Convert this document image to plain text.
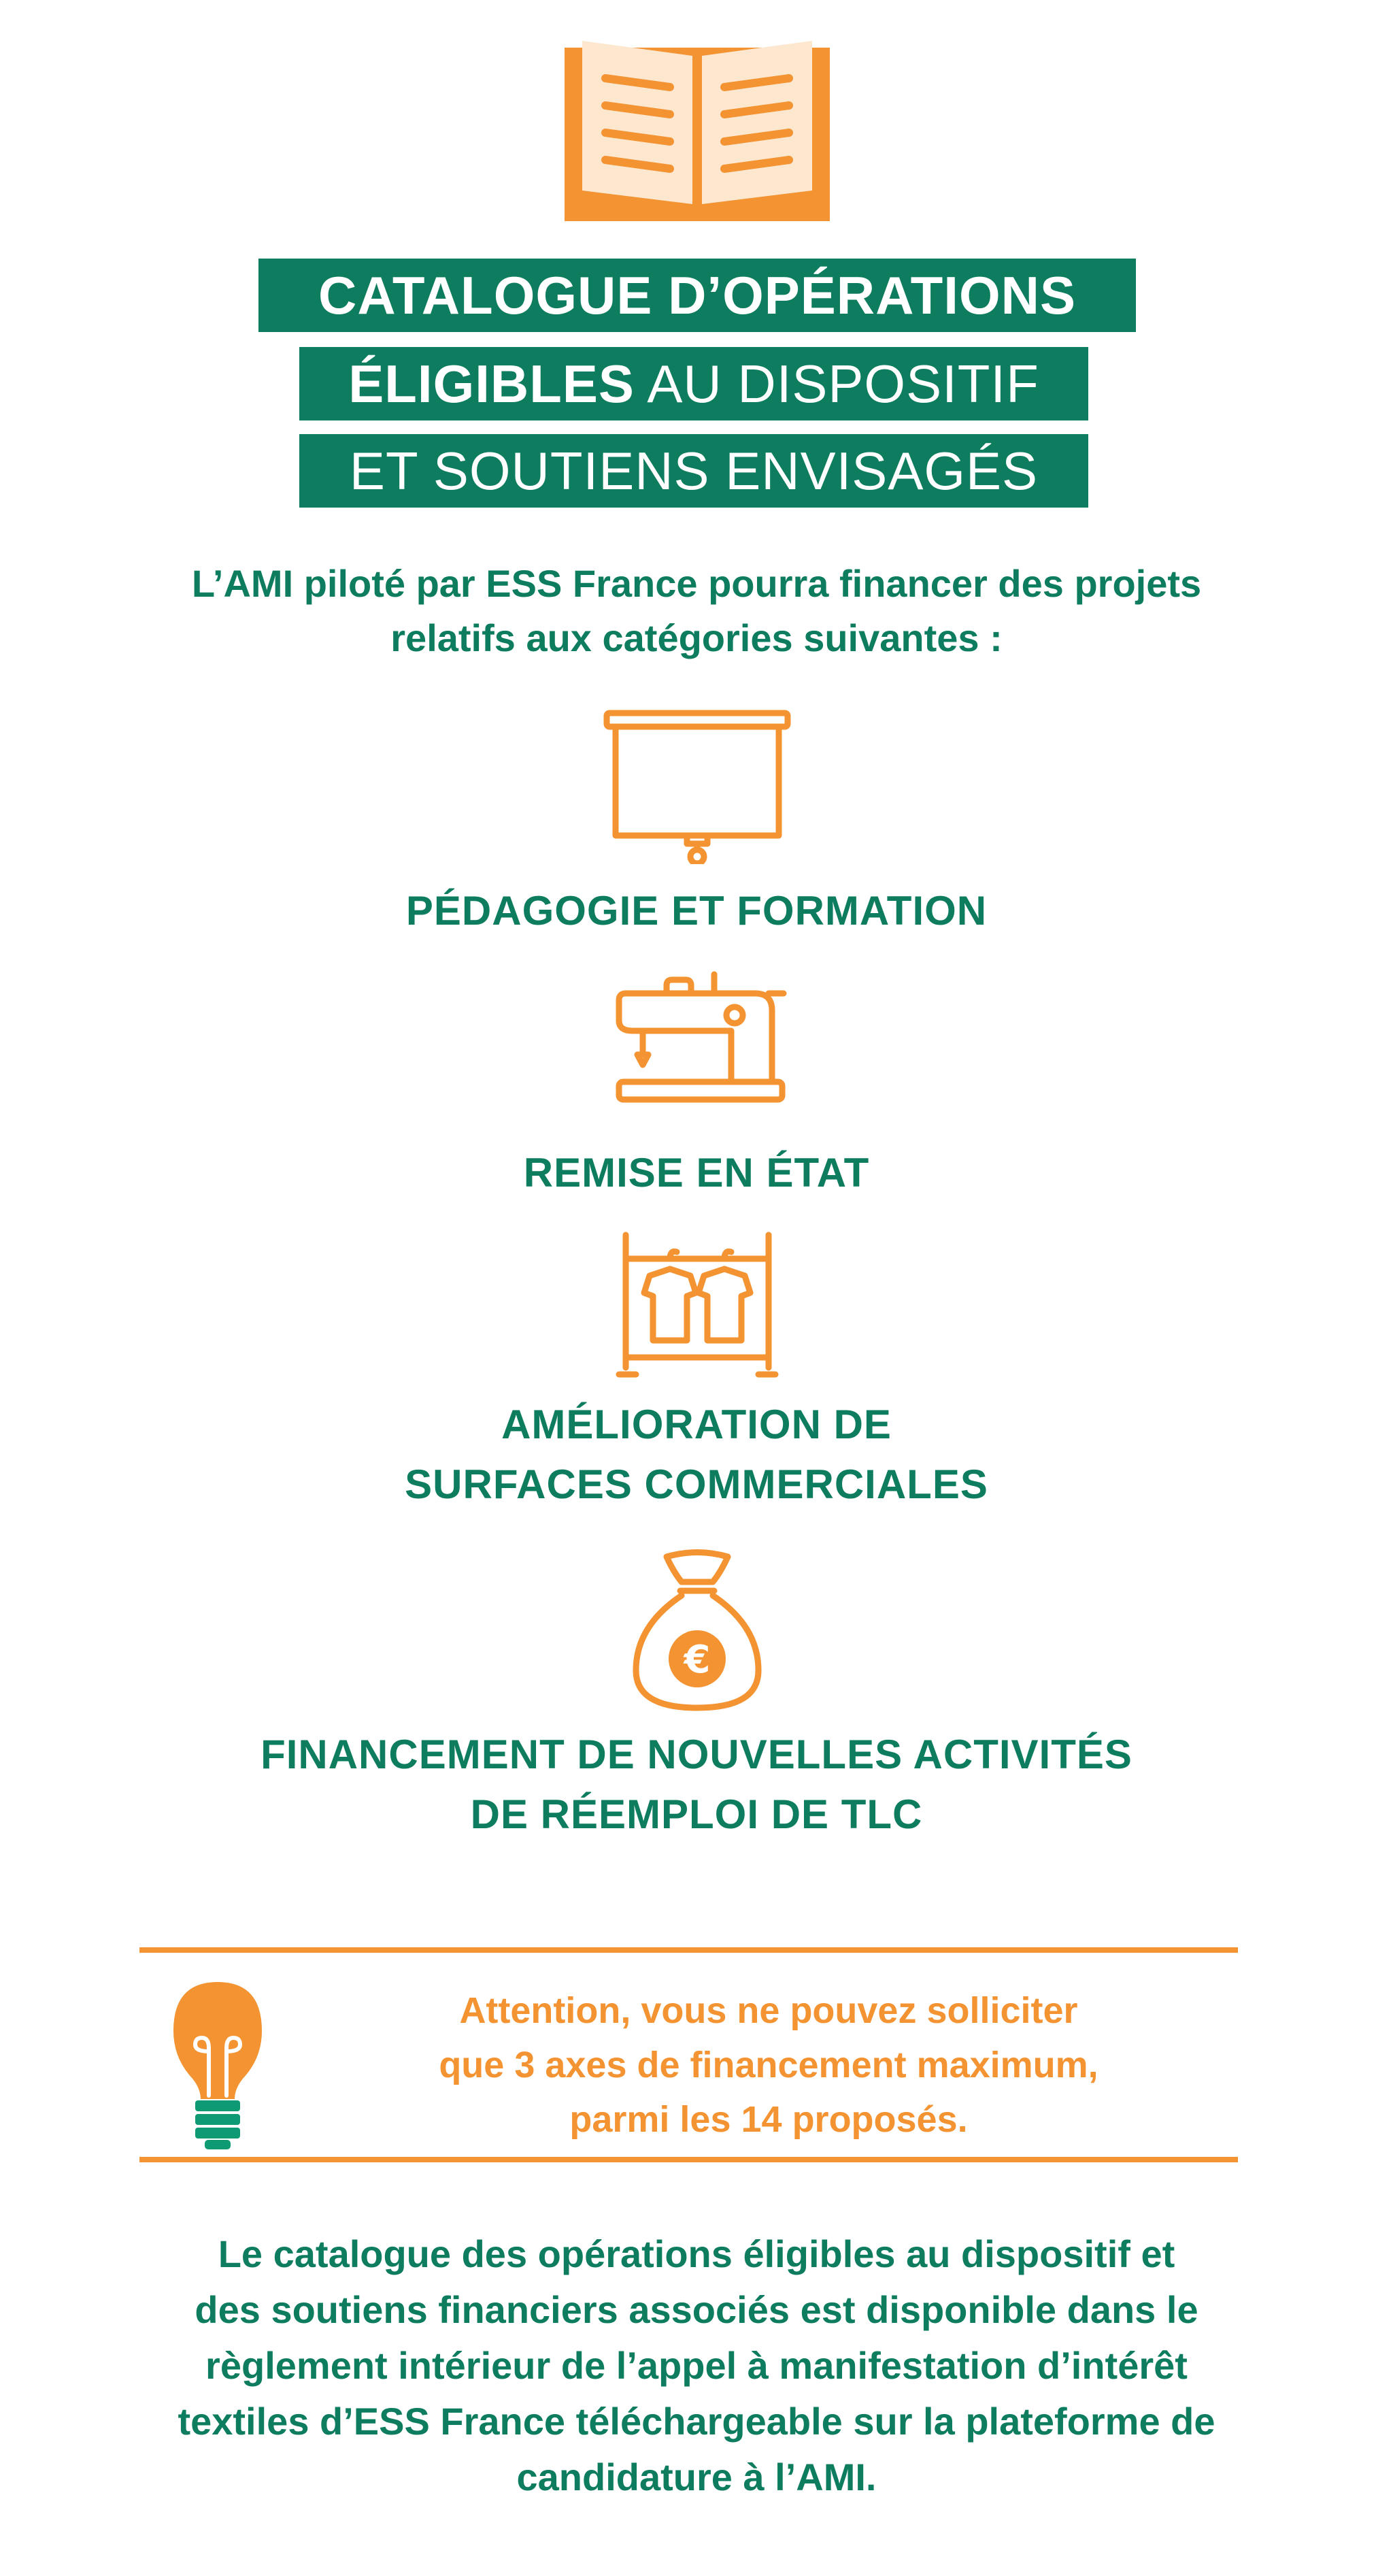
CATALOGUE D’OPÉRATIONS
ÉLIGIBLES AU DISPOSITIF
ET SOUTIENS ENVISAGÉS
L’AMI piloté par ESS France pourra financer des projets
relatifs aux catégories suivantes :
PÉDAGOGIE ET FORMATION
REMISE EN ÉTAT
AMÉLIORATION DE
SURFACES COMMERCIALES
€
FINANCEMENT DE NOUVELLES ACTIVITÉS
DE RÉEMPLOI DE TLC
Attention, vous ne pouvez solliciter
que 3 axes de financement maximum,
parmi les 14 proposés.
Le catalogue des opérations éligibles au dispositif et
des soutiens financiers associés est disponible dans le
règlement intérieur de l’appel à manifestation d’intérêt
textiles d’ESS France téléchargeable sur la plateforme de
candidature à l’AMI.
